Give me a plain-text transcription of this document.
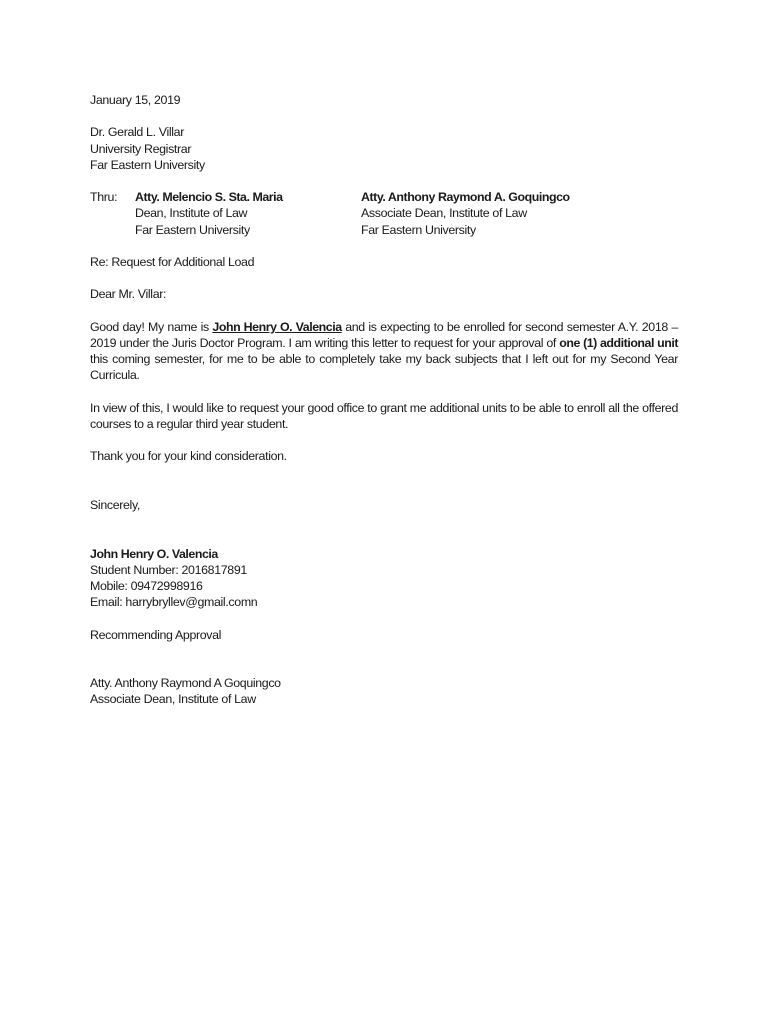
January 15, 2019
Dr. Gerald L. Villar
University Registrar
Far Eastern University
Thru: Atty. Melencio S. Sta. Maria
Dean, Institute of Law
Far Eastern University
Atty. Anthony Raymond A. Goquingco
Associate Dean, Institute of Law
Far Eastern University
Re: Request for Additional Load
Dear Mr. Villar:
Good day! My name is John Henry O. Valencia and is expecting to be enrolled for second semester A.Y. 2018 –
2019 under the Juris Doctor Program. I am writing this letter to request for your approval of one (1) additional unit
this coming semester, for me to be able to completely take my back subjects that I left out for my Second Year
Curricula.
In view of this, I would like to request your good office to grant me additional units to be able to enroll all the offered
courses to a regular third year student.
Thank you for your kind consideration.
Sincerely,
John Henry O. Valencia
Student Number: 2016817891
Mobile: 09472998916
Email: harrybryllev@gmail.comn
Recommending Approval
Atty. Anthony Raymond A Goquingco
Associate Dean, Institute of Law
